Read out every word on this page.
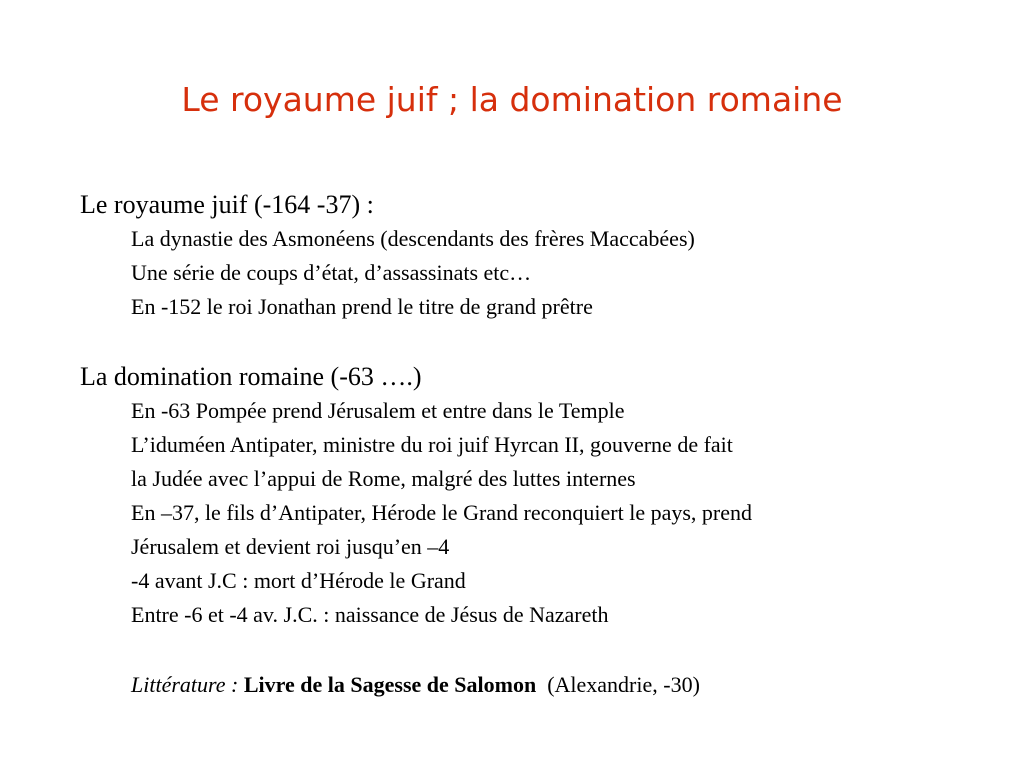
Le royaume juif ; la domination romaine
Le royaume juif (-164 -37) :
La dynastie des Asmonéens (descendants des frères Maccabées)
Une série de coups d’état, d’assassinats etc…
En -152 le roi Jonathan prend le titre de grand prêtre
La domination romaine (-63 ….)
En -63 Pompée prend Jérusalem et entre dans le Temple
L’iduméen Antipater, ministre du roi juif Hyrcan II, gouverne de fait
la Judée avec l’appui de Rome, malgré des luttes internes
En –37, le fils d’Antipater, Hérode le Grand reconquiert le pays, prend
Jérusalem et devient roi jusqu’en –4
-4 avant J.C : mort d’Hérode le Grand
Entre -6 et -4 av. J.C. : naissance de Jésus de Nazareth
Littérature : Livre de la Sagesse de Salomon  (Alexandrie, -30)
